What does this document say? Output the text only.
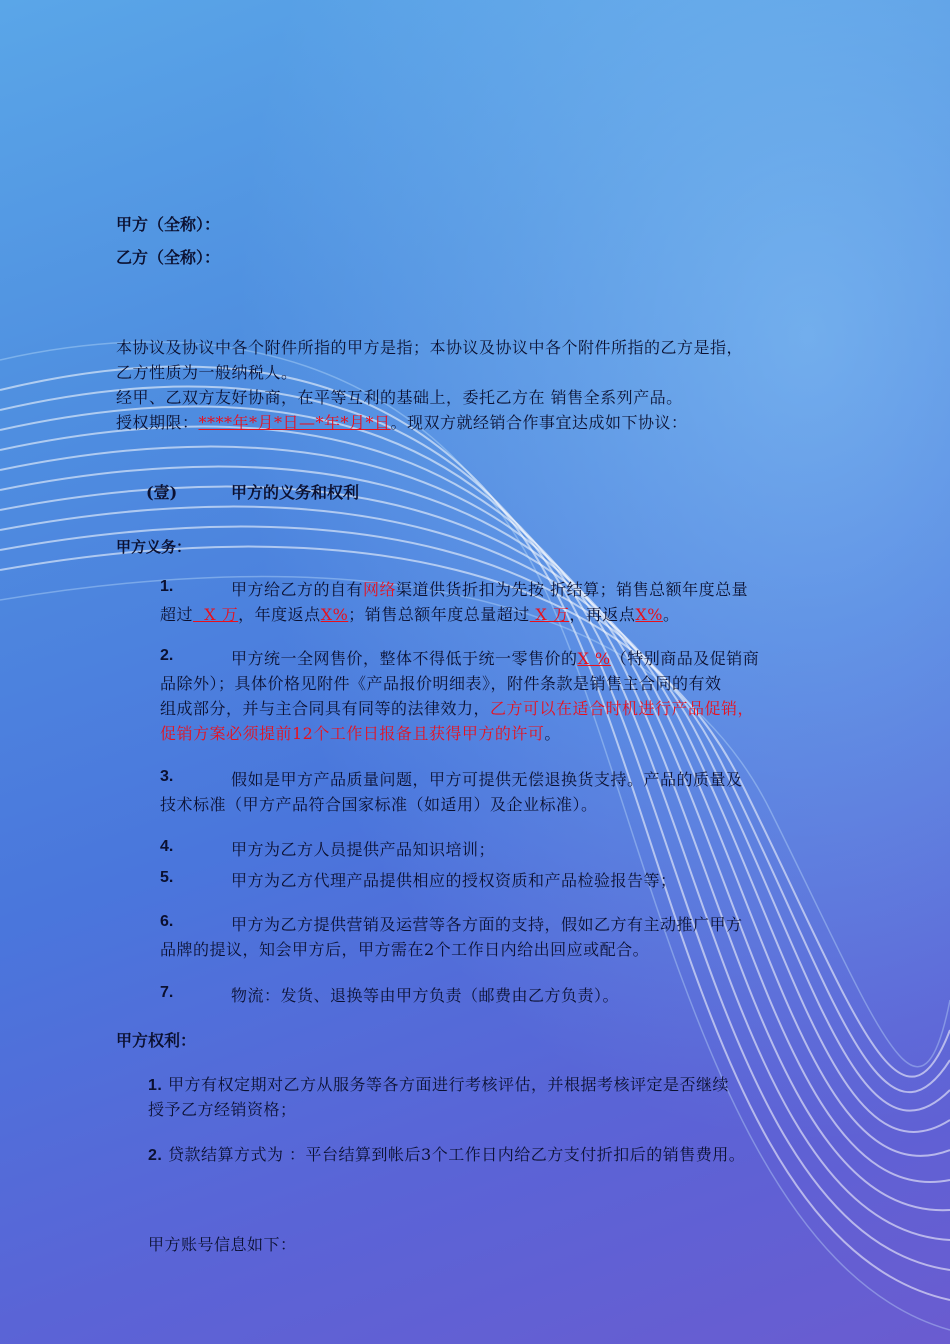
甲方（全称）：
乙方（全称）：
本协议及协议中各个附件所指的甲方是指；本协议及协议中各个附件所指的乙方是指，
乙方性质为一般纳税人。
经甲、乙双方友好协商，在平等互利的基础上，委托乙方在 销售全系列产品。
授权期限：****年*月*日—*年*月*日。现双方就经销合作事宜达成如下协议：
(壹)	甲方的义务和权利
甲方义务：
1.	甲方给乙方的自有网络渠道供货折扣为先按 折结算；销售总额年度总量
超过  X 万，年度返点X%；销售总额年度总量超过 X 万，再返点X%。
2.	甲方统一全网售价，整体不得低于统一零售价的X %（特别商品及促销商
品除外）；具体价格见附件《产品报价明细表》，附件条款是销售主合同的有效
组成部分，并与主合同具有同等的法律效力，乙方可以在适合时机进行产品促销，
促销方案必须提前12个工作日报备且获得甲方的许可。
3.	假如是甲方产品质量问题，甲方可提供无偿退换货支持。产品的质量及
技术标准（甲方产品符合国家标准（如适用）及企业标准）。
4.	甲方为乙方人员提供产品知识培训；
5.	甲方为乙方代理产品提供相应的授权资质和产品检验报告等；
6.	甲方为乙方提供营销及运营等各方面的支持，假如乙方有主动推广甲方
品牌的提议，知会甲方后，甲方需在2个工作日内给出回应或配合。
7.	物流：发货、退换等由甲方负责（邮费由乙方负责）。
甲方权利：
1. 甲方有权定期对乙方从服务等各方面进行考核评估，并根据考核评定是否继续
授予乙方经销资格；
2. 贷款结算方式为 ：平台结算到帐后3个工作日内给乙方支付折扣后的销售费用。
甲方账号信息如下：
